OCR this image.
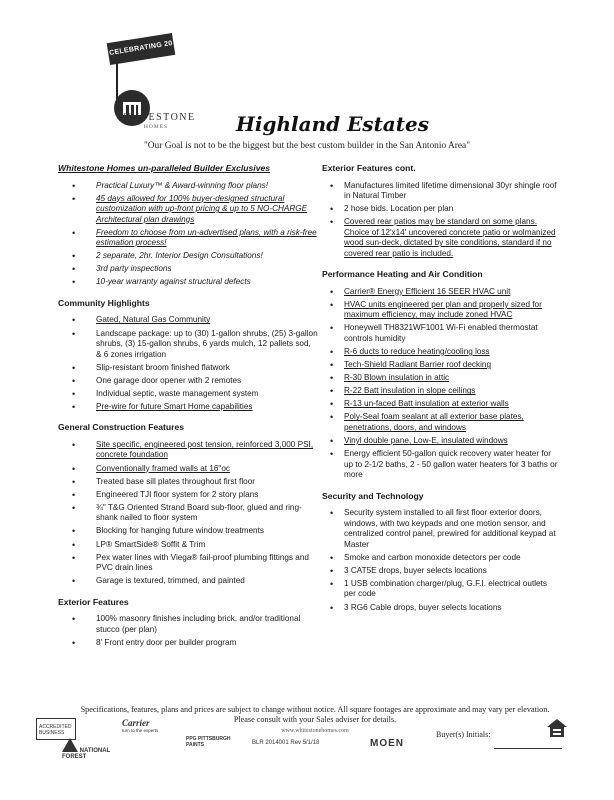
CELEBRATING 20 YEARS
WHITESTONE
HOMES	Highland Estates
"Our Goal is not to be the biggest but the best custom builder in the San Antonio Area"
Whitestone Homes un-paralleled Builder Exclusives
• Practical Luxury™ & Award-winning floor plans!
• 45 days allowed for 100% buyer-designed structural customization with up-front pricing & up to 5 NO-CHARGE Architectural plan drawings
• Freedom to choose from un-advertised plans, with a risk-free estimation process!
• 2 separate, 2hr. Interior Design Consultations!
• 3rd party inspections
• 10-year warranty against structural defects
Community Highlights
• Gated, Natural Gas Community
• Landscape package: up to (30) 1-gallon shrubs, (25) 3-gallon shrubs, (3) 15-gallon shrubs, 6 yards mulch, 12 pallets sod, & 6 zones irrigation
• Slip-resistant broom finished flatwork
• One garage door opener with 2 remotes
• Individual septic, waste management system
• Pre-wire for future Smart Home capabilities
General Construction Features
• Site specific, engineered post tension, reinforced 3,000 PSI, concrete foundation
• Conventionally framed walls at 16"oc
• Treated base sill plates throughout first floor
• Engineered TJI floor system for 2 story plans
• ¾" T&G Oriented Strand Board sub-floor, glued and ring-shank nailed to floor system
• Blocking for hanging future window treatments
• LP® SmartSide® Soffit & Trim
• Pex water lines with Viega® fail-proof plumbing fittings and PVC drain lines
• Garage is textured, trimmed, and painted
Exterior Features
• 100% masonry finishes including brick, and/or traditional stucco (per plan)
• 8' Front entry door per builder program
Exterior Features cont.
• Manufactures limited lifetime dimensional 30yr shingle roof in Natural Timber
• 2 hose bids. Location per plan
• Covered rear patios may be standard on some plans. Choice of 12'x14' uncovered concrete patio or wolmanized wood sun-deck, dictated by site conditions, standard if no covered rear patio is included.
Performance Heating and Air Condition
• Carrier® Energy Efficient 16 SEER HVAC unit
• HVAC units engineered per plan and properly sized for maximum efficiency, may include zoned HVAC
• Honeywell TH8321WF1001 Wi-Fi enabled thermostat controls humidity
• R-6 ducts to reduce heating/cooling loss
• Tech-Shield Radiant Barrier roof decking
• R-30 Blown insulation in attic
• R-22 Batt insulation in slope ceilings
• R-13 un-faced Batt insulation at exterior walls
• Poly-Seal foam sealant at all exterior base plates, penetrations, doors, and windows
• Vinyl double pane, Low-E, insulated windows
• Energy efficient 50-gallon quick recovery water heater for up to 2-1/2 baths, 2 - 50 gallon water heaters for 3 baths or more
Security and Technology
• Security system installed to all first floor exterior doors, windows, with two keypads and one motion sensor, and centralized control panel, prewired for additional keypad at Master
• Smoke and carbon monoxide detectors per code
• 3 CAT5E drops, buyer selects locations
• 1 USB combination charger/plug, G.F.I. electrical outlets per code
• 3 RG6 Cable drops, buyer selects locations
Specifications, features, plans and prices are subject to change without notice. All square footages are approximate and may vary per elevation. Please consult with your Sales adviser for details.
www.whitestonehomes.com
ACCREDITED BUSINESS
NATIONAL FOREST
Carrier
turn to the experts
PPG PITTSBURGH PAINTS	BLR 2014001 Rev 5/1/18	MOEN
Buyer(s) Initials:
